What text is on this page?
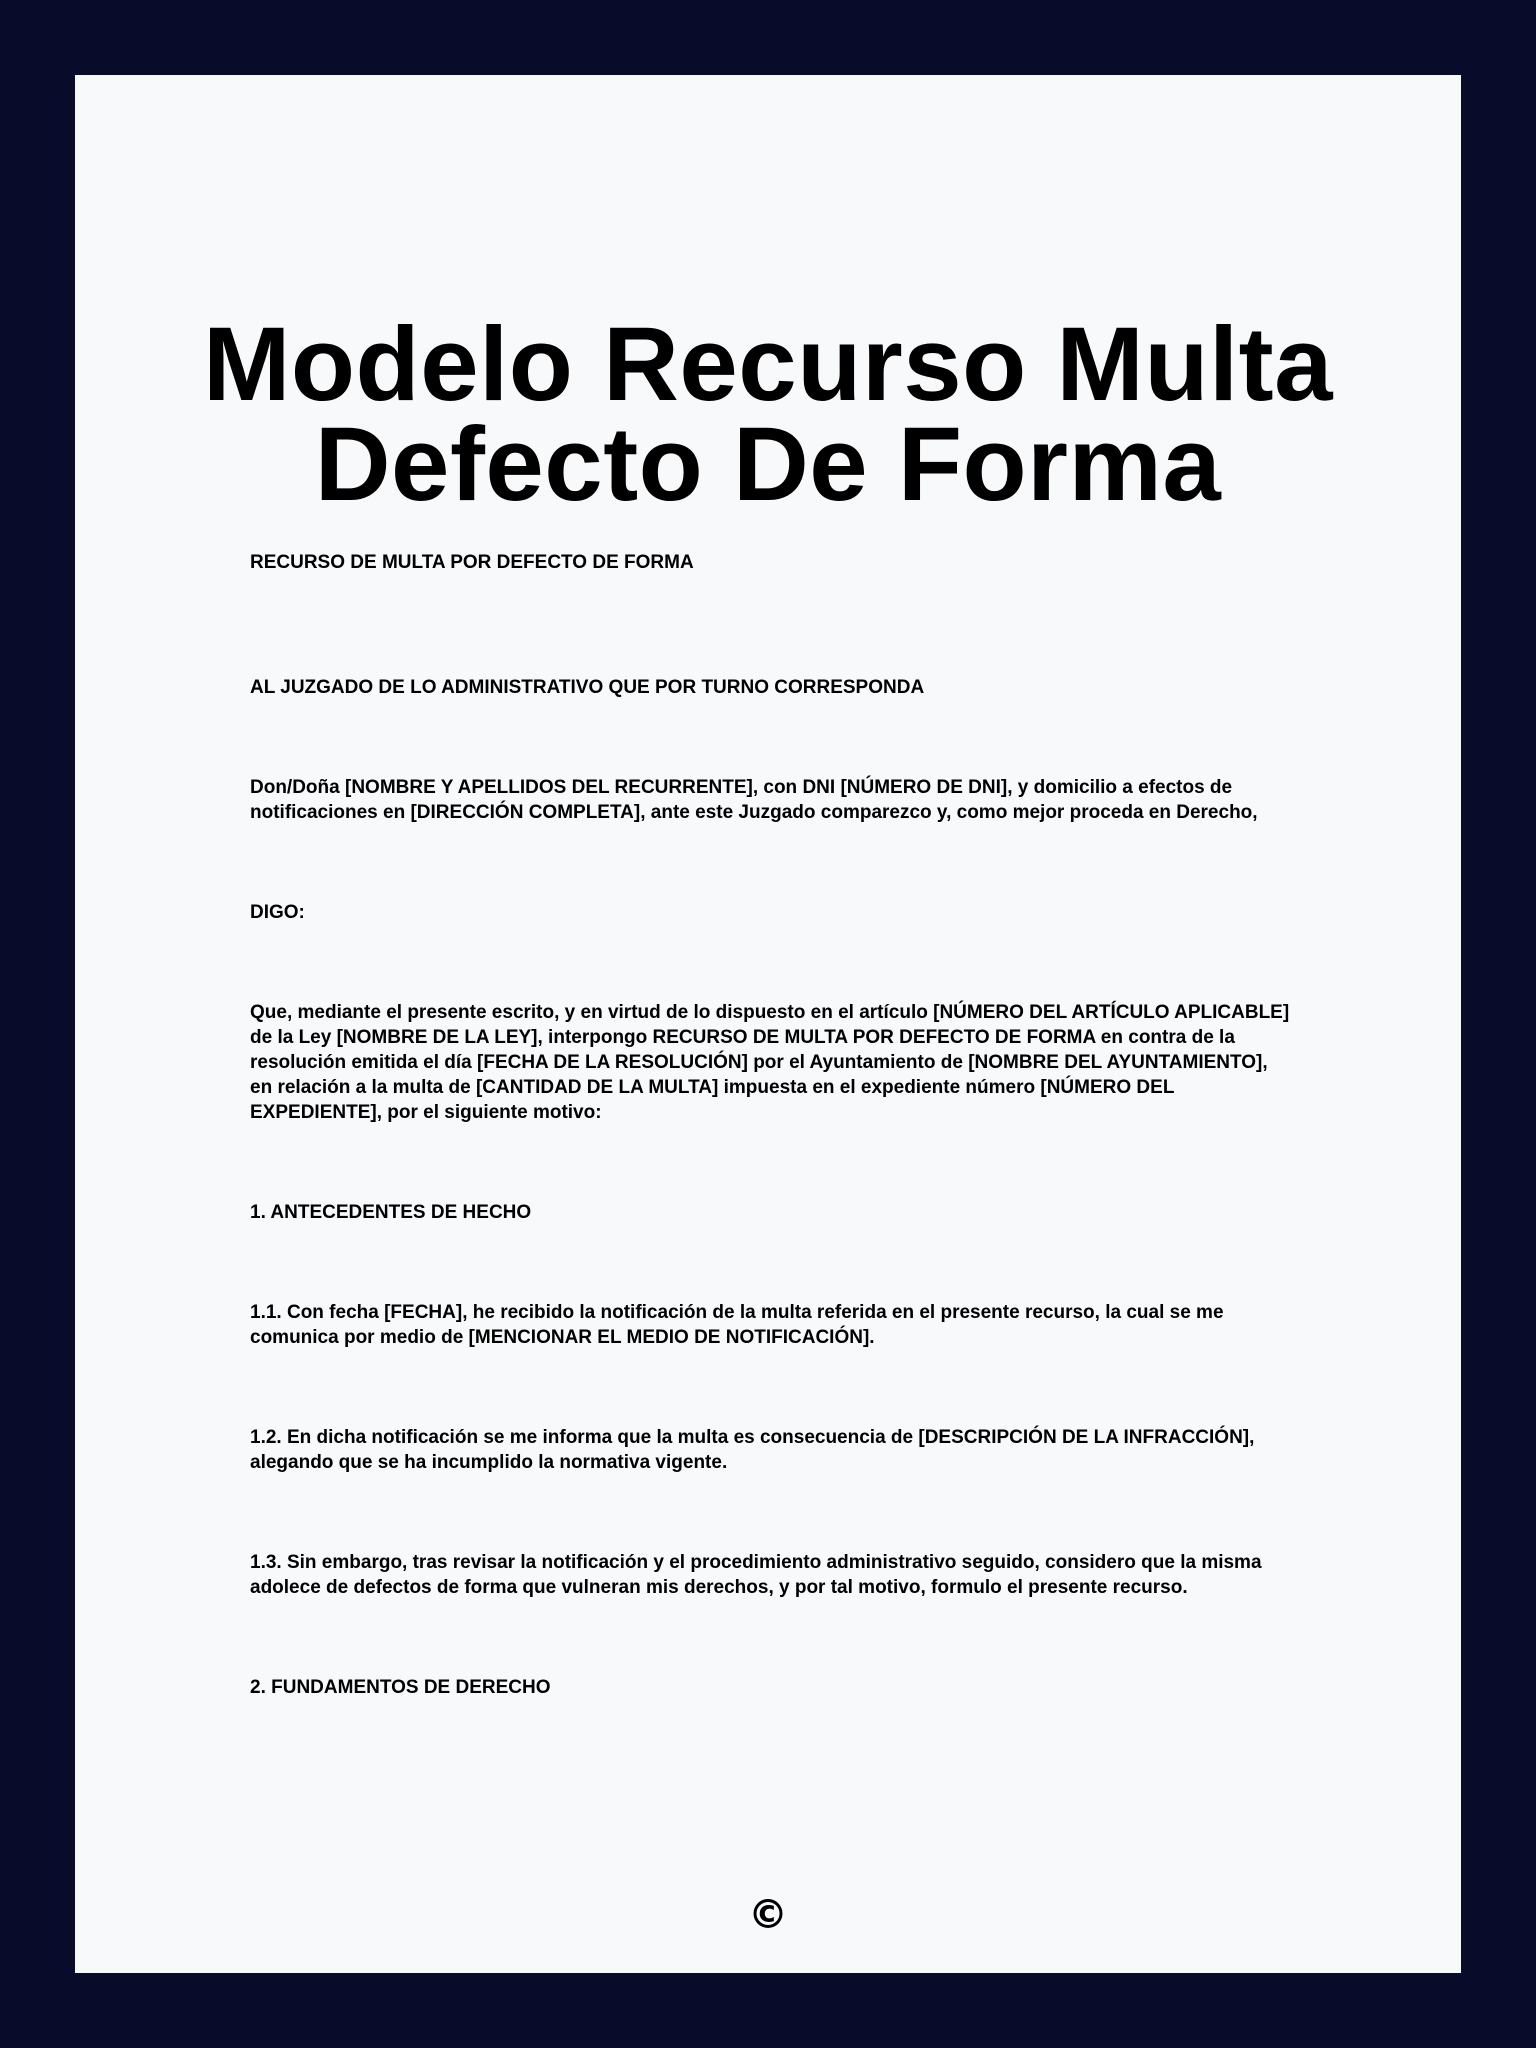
Modelo Recurso Multa Defecto De Forma

RECURSO DE MULTA POR DEFECTO DE FORMA

AL JUZGADO DE LO ADMINISTRATIVO QUE POR TURNO CORRESPONDA

Don/Doña [NOMBRE Y APELLIDOS DEL RECURRENTE], con DNI [NÚMERO DE DNI], y domicilio a efectos de notificaciones en [DIRECCIÓN COMPLETA], ante este Juzgado comparezco y, como mejor proceda en Derecho,

DIGO:

Que, mediante el presente escrito, y en virtud de lo dispuesto en el artículo [NÚMERO DEL ARTÍCULO APLICABLE] de la Ley [NOMBRE DE LA LEY], interpongo RECURSO DE MULTA POR DEFECTO DE FORMA en contra de la resolución emitida el día [FECHA DE LA RESOLUCIÓN] por el Ayuntamiento de [NOMBRE DEL AYUNTAMIENTO], en relación a la multa de [CANTIDAD DE LA MULTA] impuesta en el expediente número [NÚMERO DEL EXPEDIENTE], por el siguiente motivo:

1. ANTECEDENTES DE HECHO

1.1. Con fecha [FECHA], he recibido la notificación de la multa referida en el presente recurso, la cual se me comunica por medio de [MENCIONAR EL MEDIO DE NOTIFICACIÓN].

1.2. En dicha notificación se me informa que la multa es consecuencia de [DESCRIPCIÓN DE LA INFRACCIÓN], alegando que se ha incumplido la normativa vigente.

1.3. Sin embargo, tras revisar la notificación y el procedimiento administrativo seguido, considero que la misma adolece de defectos de forma que vulneran mis derechos, y por tal motivo, formulo el presente recurso.

2. FUNDAMENTOS DE DERECHO

©
